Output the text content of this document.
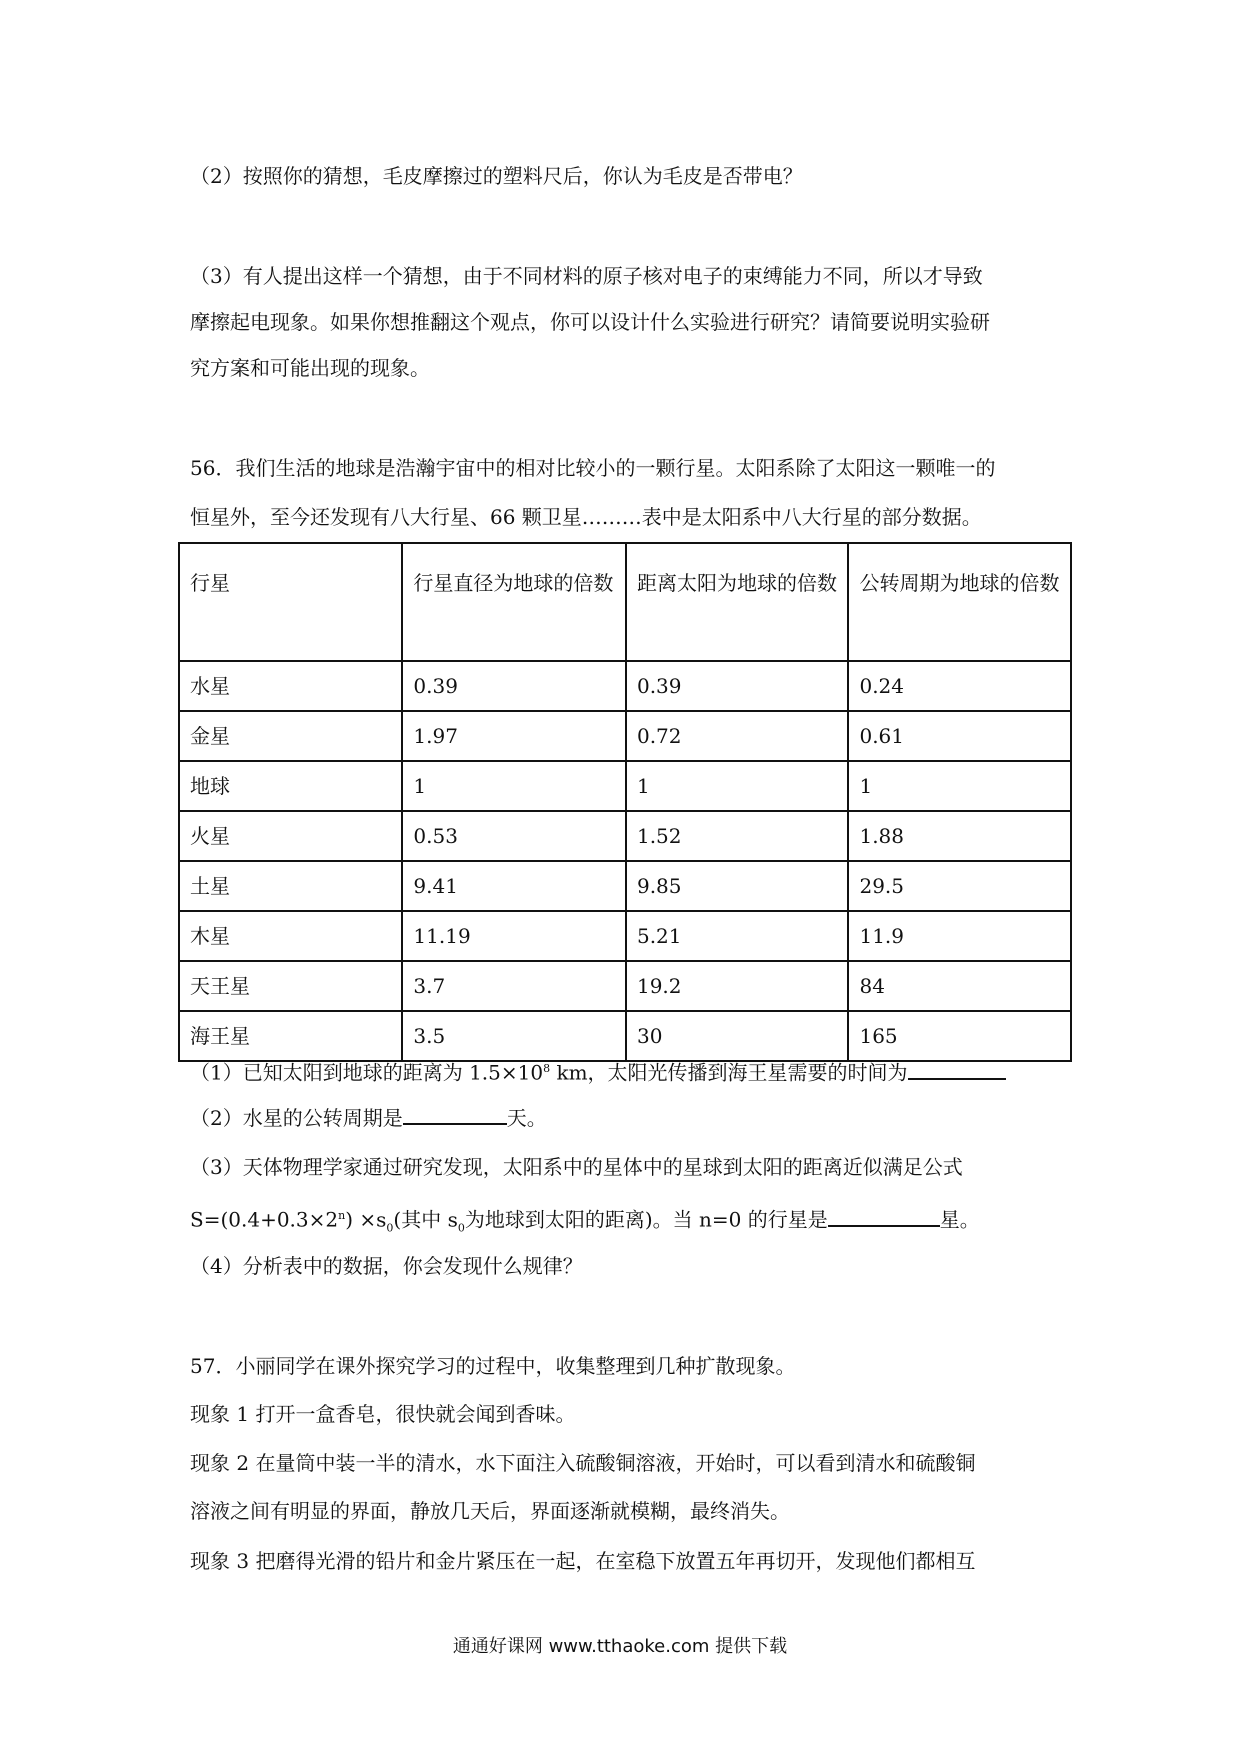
（2）按照你的猜想，毛皮摩擦过的塑料尺后，你认为毛皮是否带电？
（3）有人提出这样一个猜想，由于不同材料的原子核对电子的束缚能力不同，所以才导致
摩擦起电现象。如果你想推翻这个观点，你可以设计什么实验进行研究？请简要说明实验研
究方案和可能出现的现象。
56．我们生活的地球是浩瀚宇宙中的相对比较小的一颗行星。太阳系除了太阳这一颗唯一的
恒星外，至今还发现有八大行星、66 颗卫星………表中是太阳系中八大行星的部分数据。
行星	行星直径为地球的倍数	距离太阳为地球的倍数	公转周期为地球的倍数
水星	0.39	0.39	0.24
金星	1.97	0.72	0.61
地球	1	1	1
火星	0.53	1.52	1.88
土星	9.41	9.85	29.5
木星	11.19	5.21	11.9
天王星	3.7	19.2	84
海王星	3.5	30	165
（1）已知太阳到地球的距离为 $1.5\times 10^8$ km，太阳光传播到海王星需要的时间为
（2）水星的公转周期是	天。
（3）天体物理学家通过研究发现，太阳系中的星体中的星球到太阳的距离近似满足公式
$S=(0.4+0.3\times 2^n) \times s_0$(其中 $s_0$为地球到太阳的距离)。当 n=0 的行星是	星。
（4）分析表中的数据，你会发现什么规律？
57．小丽同学在课外探究学习的过程中，收集整理到几种扩散现象。
现象 1 打开一盒香皂，很快就会闻到香味。
现象 2 在量筒中装一半的清水，水下面注入硫酸铜溶液，开始时，可以看到清水和硫酸铜
溶液之间有明显的界面，静放几天后，界面逐渐就模糊，最终消失。
现象 3 把磨得光滑的铅片和金片紧压在一起，在室稳下放置五年再切开，发现他们都相互
通通好课网 www.tthaoke.com 提供下载
